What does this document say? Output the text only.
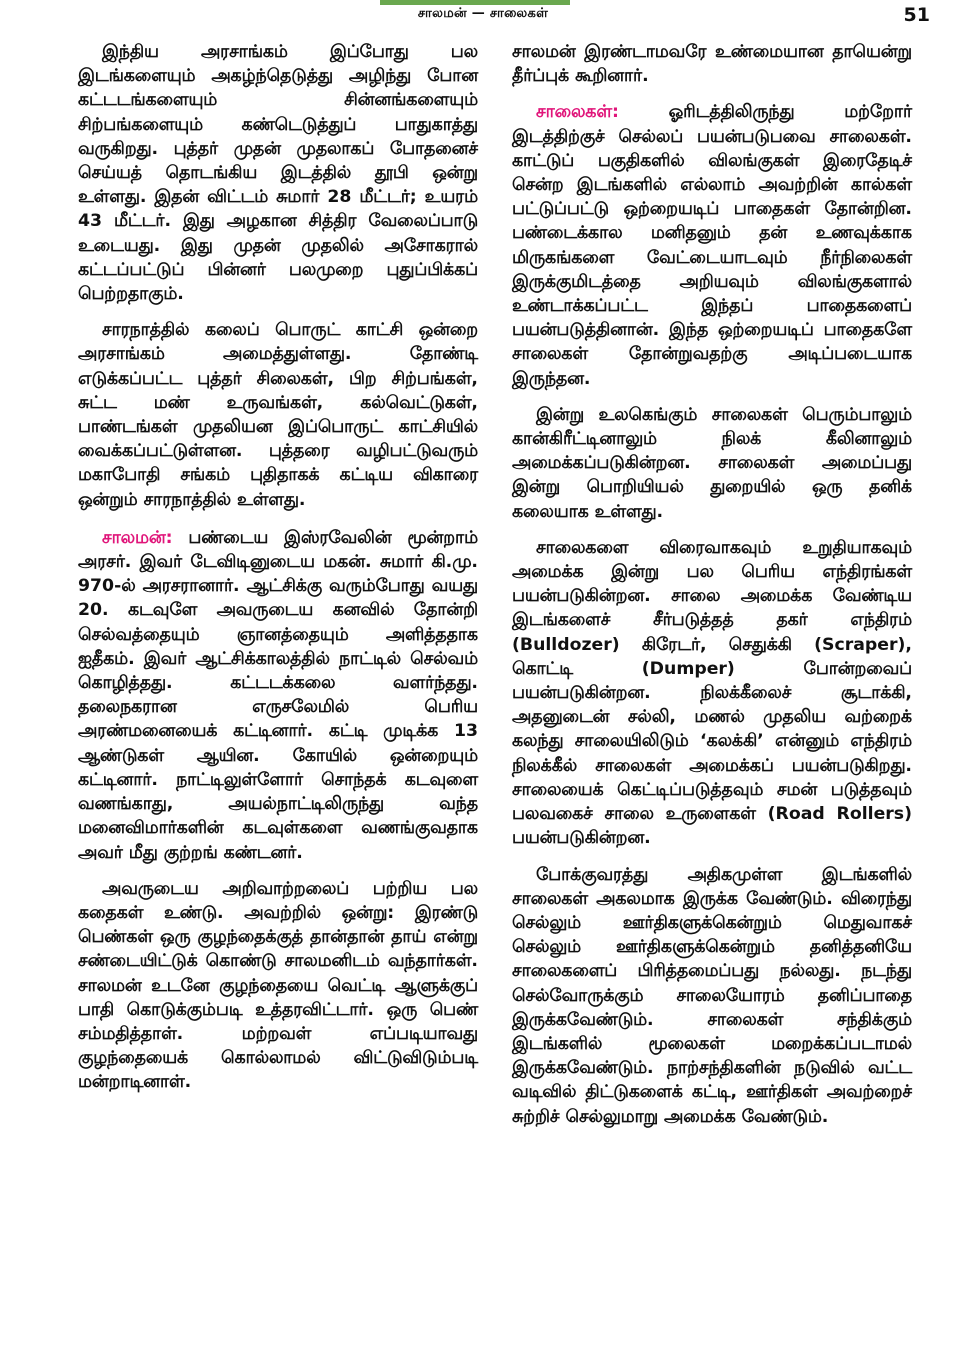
சாலமன் — சாலைகள்	51

இந்திய அரசாங்கம் இப்போது பல இடங்களையும் அகழ்ந்தெடுத்து அழிந்து போன கட்டடங்களையும் சின்னங்களையும் சிற்பங்களையும் கண்டெடுத்துப் பாதுகாத்து வருகிறது. புத்தர் முதன் முதலாகப் போதனைச் செய்யத் தொடங்கிய இடத்தில் தூபி ஒன்று உள்ளது. இதன் விட்டம் சுமார் 28 மீட்டர்; உயரம் 43 மீட்டர். இது அழகான சித்திர வேலைப்பாடு உடையது. இது முதன் முதலில் அசோகரால் கட்டப்பட்டுப் பின்னர் பலமுறை புதுப்பிக்கப் பெற்றதாகும்.

சாரநாத்தில் கலைப் பொருட் காட்சி ஒன்றை அரசாங்கம் அமைத்துள்ளது. தோண்டி எடுக்கப்பட்ட புத்தர் சிலைகள், பிற சிற்பங்கள், சுட்ட மண் உருவங்கள், கல்வெட்டுகள், பாண்டங்கள் முதலியன இப்பொருட் காட்சியில் வைக்கப்பட்டுள்ளன. புத்தரை வழிபட்டுவரும் மகாபோதி சங்கம் புதிதாகக் கட்டிய விகாரை ஒன்றும் சாரநாத்தில் உள்ளது.

சாலமன்: பண்டைய இஸ்ரவேலின் மூன்றாம் அரசர். இவர் டேவிடினுடைய மகன். சுமார் கி.மு. 970-ல் அரசரானார். ஆட்சிக்கு வரும்போது வயது 20. கடவுளே அவருடைய கனவில் தோன்றி செல்வத்தையும் ஞானத்தையும் அளித்ததாக ஐதீகம். இவர் ஆட்சிக்காலத்தில் நாட்டில் செல்வம் கொழித்தது. கட்டடக்கலை வளர்ந்தது. தலைநகரான எருசலேமில் பெரிய அரண்மனையைக் கட்டினார். கட்டி முடிக்க 13 ஆண்டுகள் ஆயின. கோயில் ஒன்றையும் கட்டினார். நாட்டிலுள்ளோர் சொந்தக் கடவுளை வணங்காது, அயல்நாட்டிலிருந்து வந்த மனைவிமார்களின் கடவுள்களை வணங்குவதாக அவர் மீது குற்றங் கண்டனர்.

அவருடைய அறிவாற்றலைப் பற்றிய பல கதைகள் உண்டு. அவற்றில் ஒன்று: இரண்டு பெண்கள் ஒரு குழந்தைக்குத் தான்தான் தாய் என்று சண்டையிட்டுக் கொண்டு சாலமனிடம் வந்தார்கள். சாலமன் உடனே குழந்தையை வெட்டி ஆளுக்குப் பாதி கொடுக்கும்படி உத்தரவிட்டார். ஒரு பெண் சம்மதித்தாள். மற்றவள் எப்படியாவது குழந்தையைக் கொல்லாமல் விட்டுவிடும்படி மன்றாடினாள்.

சாலமன் இரண்டாமவரே உண்மையான தாயென்று தீர்ப்புக் கூறினார்.

சாலைகள்:	ஓரிடத்திலிருந்து மற்றோர் இடத்திற்குச் செல்லப் பயன்படுபவை சாலைகள். காட்டுப் பகுதிகளில் விலங்குகள் இரைதேடிச் சென்ற இடங்களில் எல்லாம் அவற்றின் கால்கள் பட்டுப்பட்டு ஒற்றையடிப் பாதைகள் தோன்றின. பண்டைக்கால மனிதனும் தன் உணவுக்காக மிருகங்களை வேட்டையாடவும் நீர்நிலைகள் இருக்குமிடத்தை அறியவும் விலங்குகளால் உண்டாக்கப்பட்ட இந்தப் பாதைகளைப் பயன்படுத்தினான். இந்த ஒற்றையடிப் பாதைகளே சாலைகள் தோன்றுவதற்கு அடிப்படையாக இருந்தன.

இன்று உலகெங்கும் சாலைகள் பெரும்பாலும் கான்கிரீட்டினாலும் நிலக் கீலினாலும் அமைக்கப்படுகின்றன. சாலைகள் அமைப்பது இன்று பொறியியல் துறையில் ஒரு தனிக் கலையாக உள்ளது.

சாலைகளை விரைவாகவும் உறுதியாகவும் அமைக்க இன்று பல பெரிய எந்திரங்கள் பயன்படுகின்றன. சாலை அமைக்க வேண்டிய இடங்களைச் சீர்படுத்தத் தகர் எந்திரம் (Bulldozer) கிரேடர், செதுக்கி (Scraper), கொட்டி (Dumper) போன்றவைப் பயன்படுகின்றன. நிலக்கீலைச் சூடாக்கி, அதனுடைன் சல்லி, மணல் முதலிய வற்றைக் கலந்து சாலையிலிடும் ‘கலக்கி’ என்னும் எந்திரம் நிலக்கீல் சாலைகள் அமைக்கப் பயன்படுகிறது. சாலையைக் கெட்டிப்படுத்தவும் சமன் படுத்தவும் பலவகைச் சாலை உருளைகள் (Road Rollers) பயன்படுகின்றன.

போக்குவரத்து அதிகமுள்ள இடங்களில் சாலைகள் அகலமாக இருக்க வேண்டும். விரைந்து செல்லும் ஊர்திகளுக்கென்றும் மெதுவாகச் செல்லும் ஊர்திகளுக்கென்றும் தனித்தனியே சாலைகளைப் பிரித்தமைப்பது நல்லது. நடந்து செல்வோருக்கும் சாலையோரம் தனிப்பாதை இருக்கவேண்டும். சாலைகள் சந்திக்கும் இடங்களில் மூலைகள் மறைக்கப்படாமல் இருக்கவேண்டும். நாற்சந்திகளின் நடுவில் வட்ட வடிவில் திட்டுகளைக் கட்டி, ஊர்திகள் அவற்றைச் சுற்றிச் செல்லுமாறு அமைக்க வேண்டும்.
